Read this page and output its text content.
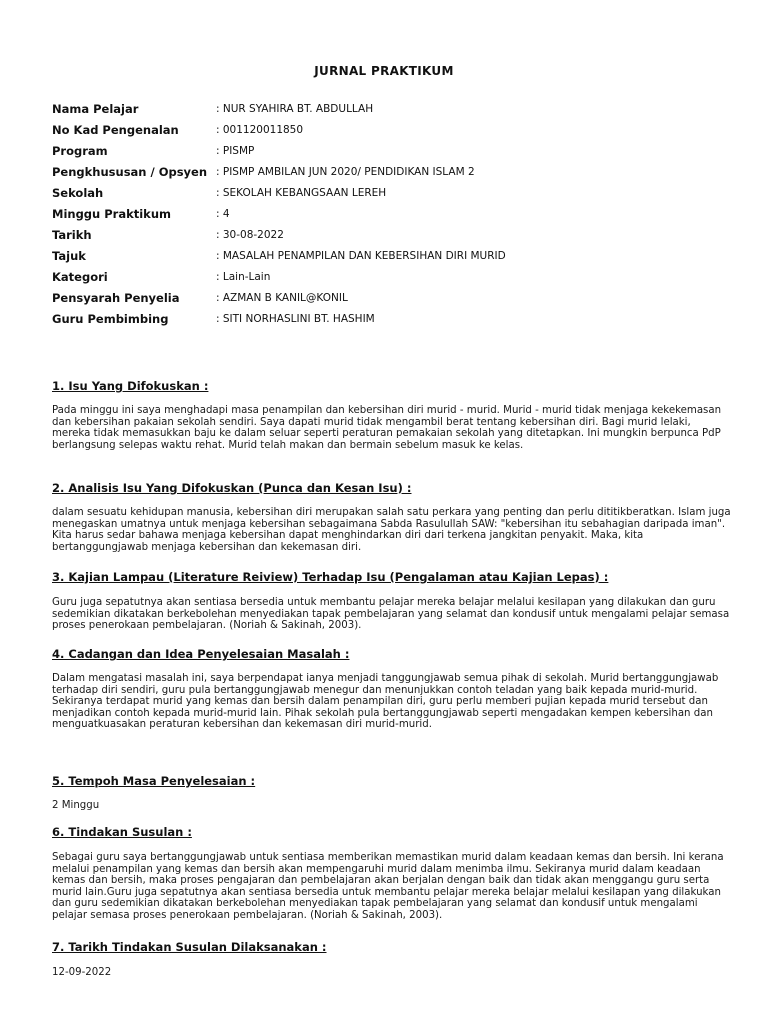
JURNAL PRAKTIKUM
Nama Pelajar	: NUR SYAHIRA BT. ABDULLAH
No Kad Pengenalan	: 001120011850
Program	: PISMP
Pengkhususan / Opsyen : PISMP AMBILAN JUN 2020/ PENDIDIKAN ISLAM 2
Sekolah	: SEKOLAH KEBANGSAAN LEREH
Minggu Praktikum	: 4
Tarikh	: 30-08-2022
Tajuk	: MASALAH PENAMPILAN DAN KEBERSIHAN DIRI MURID
Kategori	: Lain-Lain
Pensyarah Penyelia	: AZMAN B KANIL@KONIL
Guru Pembimbing	: SITI NORHASLINI BT. HASHIM
1. Isu Yang Difokuskan :
Pada minggu ini saya menghadapi masa penampilan dan kebersihan diri murid - murid. Murid - murid tidak menjaga kekekemasan dan kebersihan pakaian sekolah sendiri. Saya dapati murid tidak mengambil berat tentang kebersihan diri. Bagi murid lelaki, mereka tidak memasukkan baju ke dalam seluar seperti peraturan pemakaian sekolah yang ditetapkan. Ini mungkin berpunca PdP berlangsung selepas waktu rehat. Murid telah makan dan bermain sebelum masuk ke kelas.
2. Analisis Isu Yang Difokuskan (Punca dan Kesan Isu) :
dalam sesuatu kehidupan manusia, kebersihan diri merupakan salah satu perkara yang penting dan perlu dititikberatkan. Islam juga menegaskan umatnya untuk menjaga kebersihan sebagaimana Sabda Rasulullah SAW: "kebersihan itu sebahagian daripada iman". Kita harus sedar bahawa menjaga kebersihan dapat menghindarkan diri dari terkena jangkitan penyakit. Maka, kita bertanggungjawab menjaga kebersihan dan kekemasan diri.
3. Kajian Lampau (Literature Reiview) Terhadap Isu (Pengalaman atau Kajian Lepas) :
Guru juga sepatutnya akan sentiasa bersedia untuk membantu pelajar mereka belajar melalui kesilapan yang dilakukan dan guru sedemikian dikatakan berkebolehan menyediakan tapak pembelajaran yang selamat dan kondusif untuk mengalami pelajar semasa proses penerokaan pembelajaran. (Noriah & Sakinah, 2003).
4. Cadangan dan Idea Penyelesaian Masalah :
Dalam mengatasi masalah ini, saya berpendapat ianya menjadi tanggungjawab semua pihak di sekolah. Murid bertanggungjawab terhadap diri sendiri, guru pula bertanggungjawab menegur dan menunjukkan contoh teladan yang baik kepada murid-murid. Sekiranya terdapat murid yang kemas dan bersih dalam penampilan diri, guru perlu memberi pujian kepada murid tersebut dan menjadikan contoh kepada murid-murid lain. Pihak sekolah pula bertanggungjawab seperti mengadakan kempen kebersihan dan menguatkuasakan peraturan kebersihan dan kekemasan diri murid-murid.
5. Tempoh Masa Penyelesaian :
2 Minggu
6. Tindakan Susulan :
Sebagai guru saya bertanggungjawab untuk sentiasa memberikan memastikan murid dalam keadaan kemas dan bersih. Ini kerana melalui penampilan yang kemas dan bersih akan mempengaruhi murid dalam menimba ilmu. Sekiranya murid dalam keadaan kemas dan bersih, maka proses pengajaran dan pembelajaran akan berjalan dengan baik dan tidak akan menggangu guru serta murid lain.Guru juga sepatutnya akan sentiasa bersedia untuk membantu pelajar mereka belajar melalui kesilapan yang dilakukan dan guru sedemikian dikatakan berkebolehan menyediakan tapak pembelajaran yang selamat dan kondusif untuk mengalami pelajar semasa proses penerokaan pembelajaran. (Noriah & Sakinah, 2003).
7. Tarikh Tindakan Susulan Dilaksanakan :
12-09-2022
